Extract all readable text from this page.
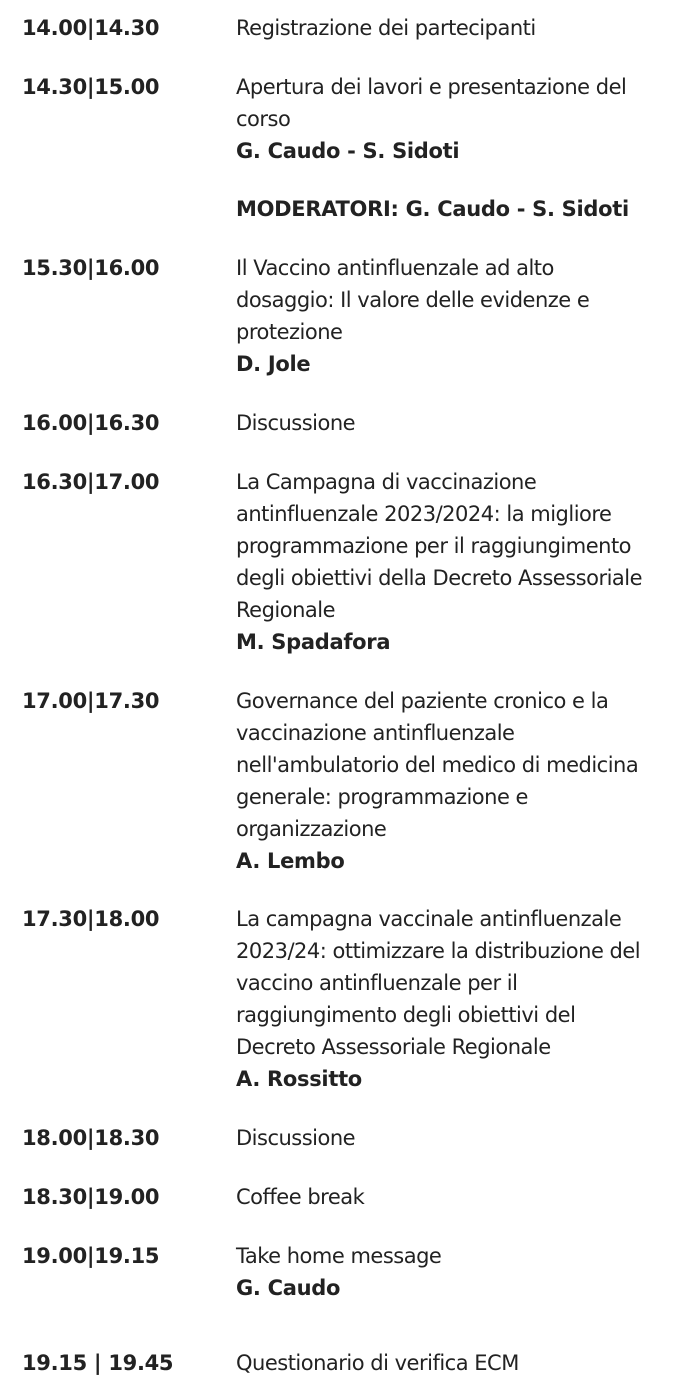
14.00|14.30	Registrazione dei partecipanti
14.30|15.00	Apertura dei lavori e presentazione del
corso
G. Caudo - S. Sidoti
MODERATORI: G. Caudo - S. Sidoti
15.30|16.00	Il Vaccino antinfluenzale ad alto
dosaggio: Il valore delle evidenze e
protezione
D. Jole
16.00|16.30	Discussione
16.30|17.00	La Campagna di vaccinazione
antinfluenzale 2023/2024: la migliore
programmazione per il raggiungimento
degli obiettivi della Decreto Assessoriale
Regionale
M. Spadafora
17.00|17.30	Governance del paziente cronico e la
vaccinazione antinfluenzale
nell'ambulatorio del medico di medicina
generale: programmazione e
organizzazione
A. Lembo
17.30|18.00	La campagna vaccinale antinfluenzale
2023/24: ottimizzare la distribuzione del
vaccino antinfluenzale per il
raggiungimento degli obiettivi del
Decreto Assessoriale Regionale
A. Rossitto
18.00|18.30	Discussione
18.30|19.00	Coffee break
19.00|19.15	Take home message
G. Caudo
19.15 | 19.45	Questionario di verifica ECM
